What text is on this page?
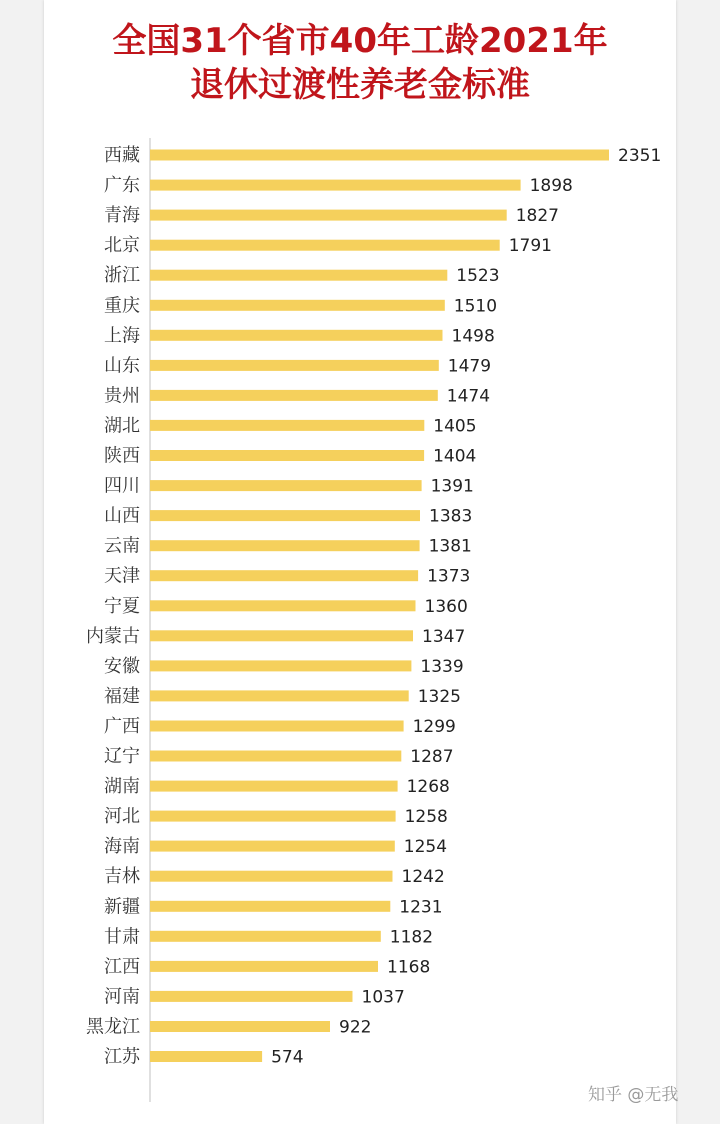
全国31个省市40年工龄2021年
退休过渡性养老金标准
西藏	2351
广东	1898
青海	1827
北京	1791
浙江	1523
重庆	1510
上海	1498
山东	1479
贵州	1474
湖北	1405
陕西	1404
四川	1391
山西	1383
云南	1381
天津	1373
宁夏	1360
内蒙古	1347
安徽	1339
福建	1325
广西	1299
辽宁	1287
湖南	1268
河北	1258
海南	1254
吉林	1242
新疆	1231
甘肃	1182
江西	1168
河南	1037
黑龙江	922
江苏	574
知乎 @无我
